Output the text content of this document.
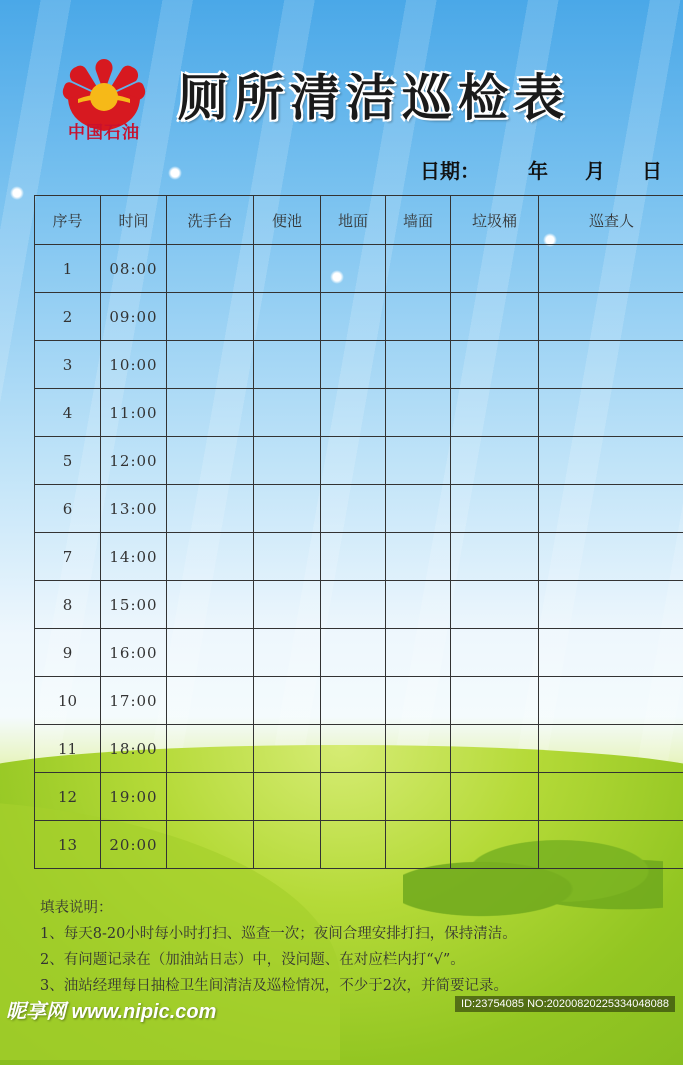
中国石油
厕所清洁巡检表
日期： 年 月 日
序号	时间	洗手台	便池	地面	墙面	垃圾桶	巡查人
1	08:00						
2	09:00						
3	10:00						
4	11:00						
5	12:00						
6	13:00						
7	14:00						
8	15:00						
9	16:00						
10	17:00						
11	18:00						
12	19:00						
13	20:00						
填表说明：
1、每天8-20小时每小时打扫、巡查一次；夜间合理安排打扫，保持清洁。
2、有问题记录在（加油站日志）中，没问题、在对应栏内打“√”。
3、油站经理每日抽检卫生间清洁及巡检情况，不少于2次，并简要记录。
昵享网 www.nipic.com	ID:23754085 NO:20200820225334048088
